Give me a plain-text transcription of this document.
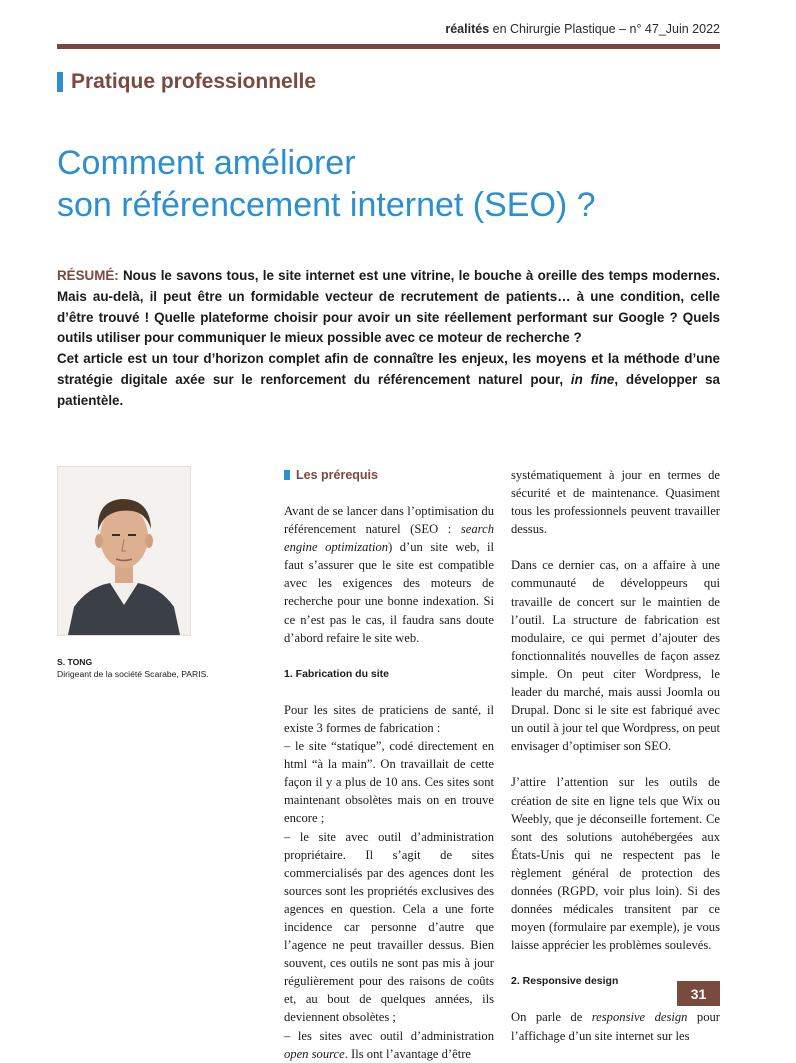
réalités en Chirurgie Plastique – n° 47_Juin 2022
Pratique professionnelle
Comment améliorer
son référencement internet (SEO) ?

RÉSUMÉ: Nous le savons tous, le site internet est une vitrine, le bouche à oreille des temps modernes. Mais au-delà, il peut être un formidable vecteur de recrutement de patients… à une condition, celle d’être trouvé ! Quelle plateforme choisir pour avoir un site réellement performant sur Google ? Quels outils utiliser pour communiquer le mieux possible avec ce moteur de recherche ?

Cet article est un tour d’horizon complet afin de connaître les enjeux, les moyens et la méthode d’une stratégie digitale axée sur le renforcement du référencement naturel pour, in fine, développer sa patientèle.

S. TONG
Dirigeant de la société Scarabe, PARIS.
Les prérequis

Avant de se lancer dans l’optimisation du référencement naturel (SEO : search engine optimization) d’un site web, il faut s’assurer que le site est compatible avec les exigences des moteurs de recherche pour une bonne indexation. Si ce n’est pas le cas, il faudra sans doute d’abord refaire le site web.

1. Fabrication du site

Pour les sites de praticiens de santé, il existe 3 formes de fabrication :

– le site “statique”, codé directement en html “à la main”. On travaillait de cette façon il y a plus de 10 ans. Ces sites sont maintenant obsolètes mais on en trouve encore ;

– le site avec outil d’administration propriétaire. Il s’agit de sites commercialisés par des agences dont les sources sont les propriétés exclusives des agences en question. Cela a une forte incidence car personne d’autre que l’agence ne peut travailler dessus. Bien souvent, ces outils ne sont pas mis à jour régulièrement pour des raisons de coûts et, au bout de quelques années, ils deviennent obsolètes ;

– les sites avec outil d’administration open source. Ils ont l’avantage d’être

systématiquement à jour en termes de sécurité et de maintenance. Quasiment tous les professionnels peuvent travailler dessus.

Dans ce dernier cas, on a affaire à une communauté de développeurs qui travaille de concert sur le maintien de l’outil. La structure de fabrication est modulaire, ce qui permet d’ajouter des fonctionnalités nouvelles de façon assez simple. On peut citer Wordpress, le leader du marché, mais aussi Joomla ou Drupal. Donc si le site est fabriqué avec un outil à jour tel que Wordpress, on peut envisager d’optimiser son SEO.

J’attire l’attention sur les outils de création de site en ligne tels que Wix ou Weebly, que je déconseille fortement. Ce sont des solutions autohébergées aux États-Unis qui ne respectent pas le règlement général de protection des données (RGPD, voir plus loin). Si des données médicales transitent par ce moyen (formulaire par exemple), je vous laisse apprécier les problèmes soulevés.

2. Responsive design

On parle de responsive design pour l’affichage d’un site internet sur les

31
